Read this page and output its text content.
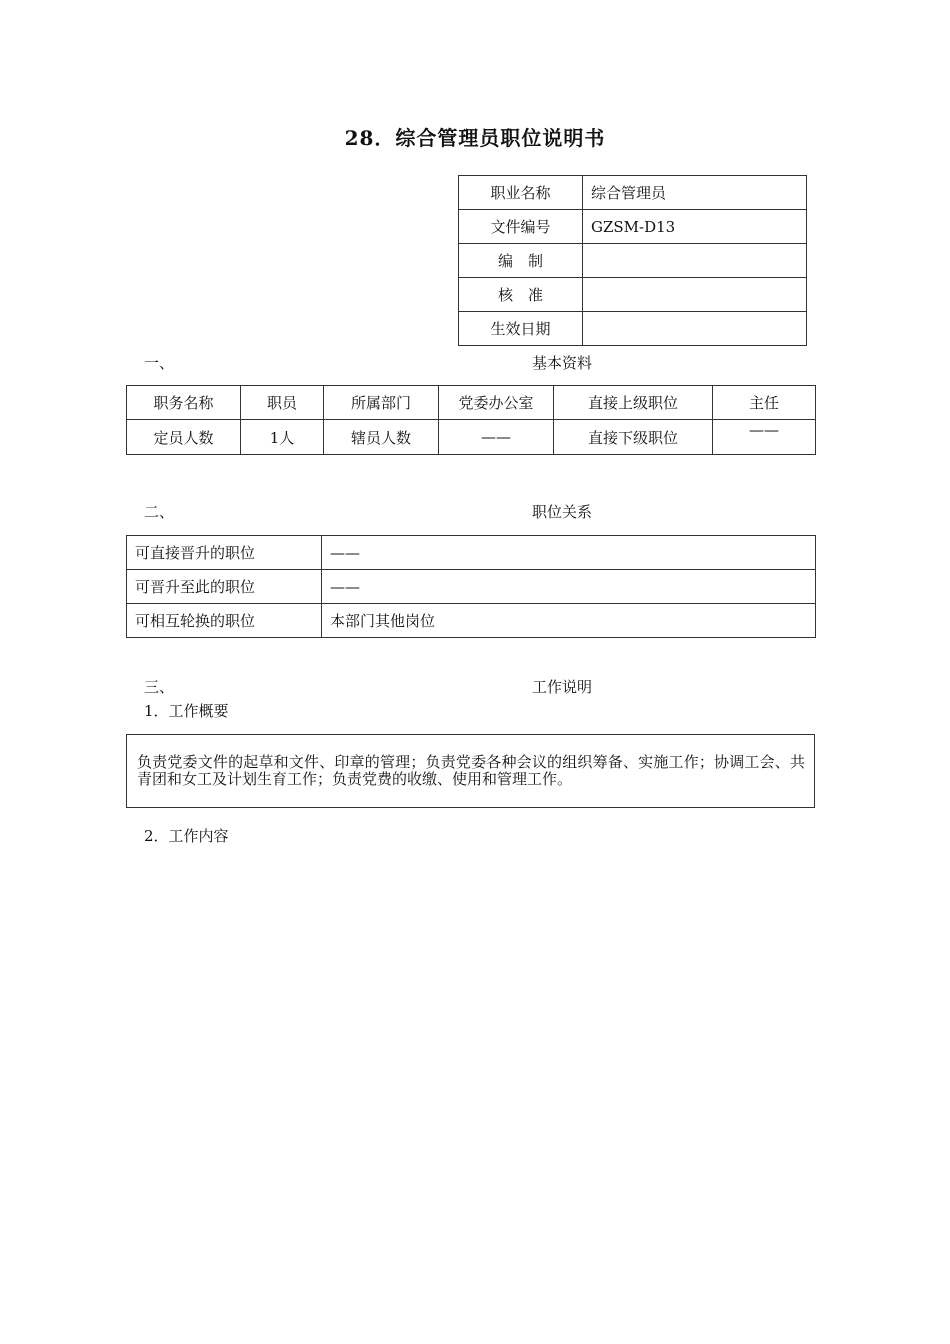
28．综合管理员职位说明书
职业名称	综合管理员
文件编号	GZSM-D13
编　制	
核　准	
生效日期	
一、	基本资料
职务名称	职员	所属部门	党委办公室	直接上级职位	主任
定员人数	1人	辖员人数	——	直接下级职位	——
二、	职位关系
可直接晋升的职位	——
可晋升至此的职位	——
可相互轮换的职位	本部门其他岗位
三、	工作说明
1．工作概要
负责党委文件的起草和文件、印章的管理；负责党委各种会议的组织筹备、实施工作；协调工会、共青团和女工及计划生育工作；负责党费的收缴、使用和管理工作。
2．工作内容
